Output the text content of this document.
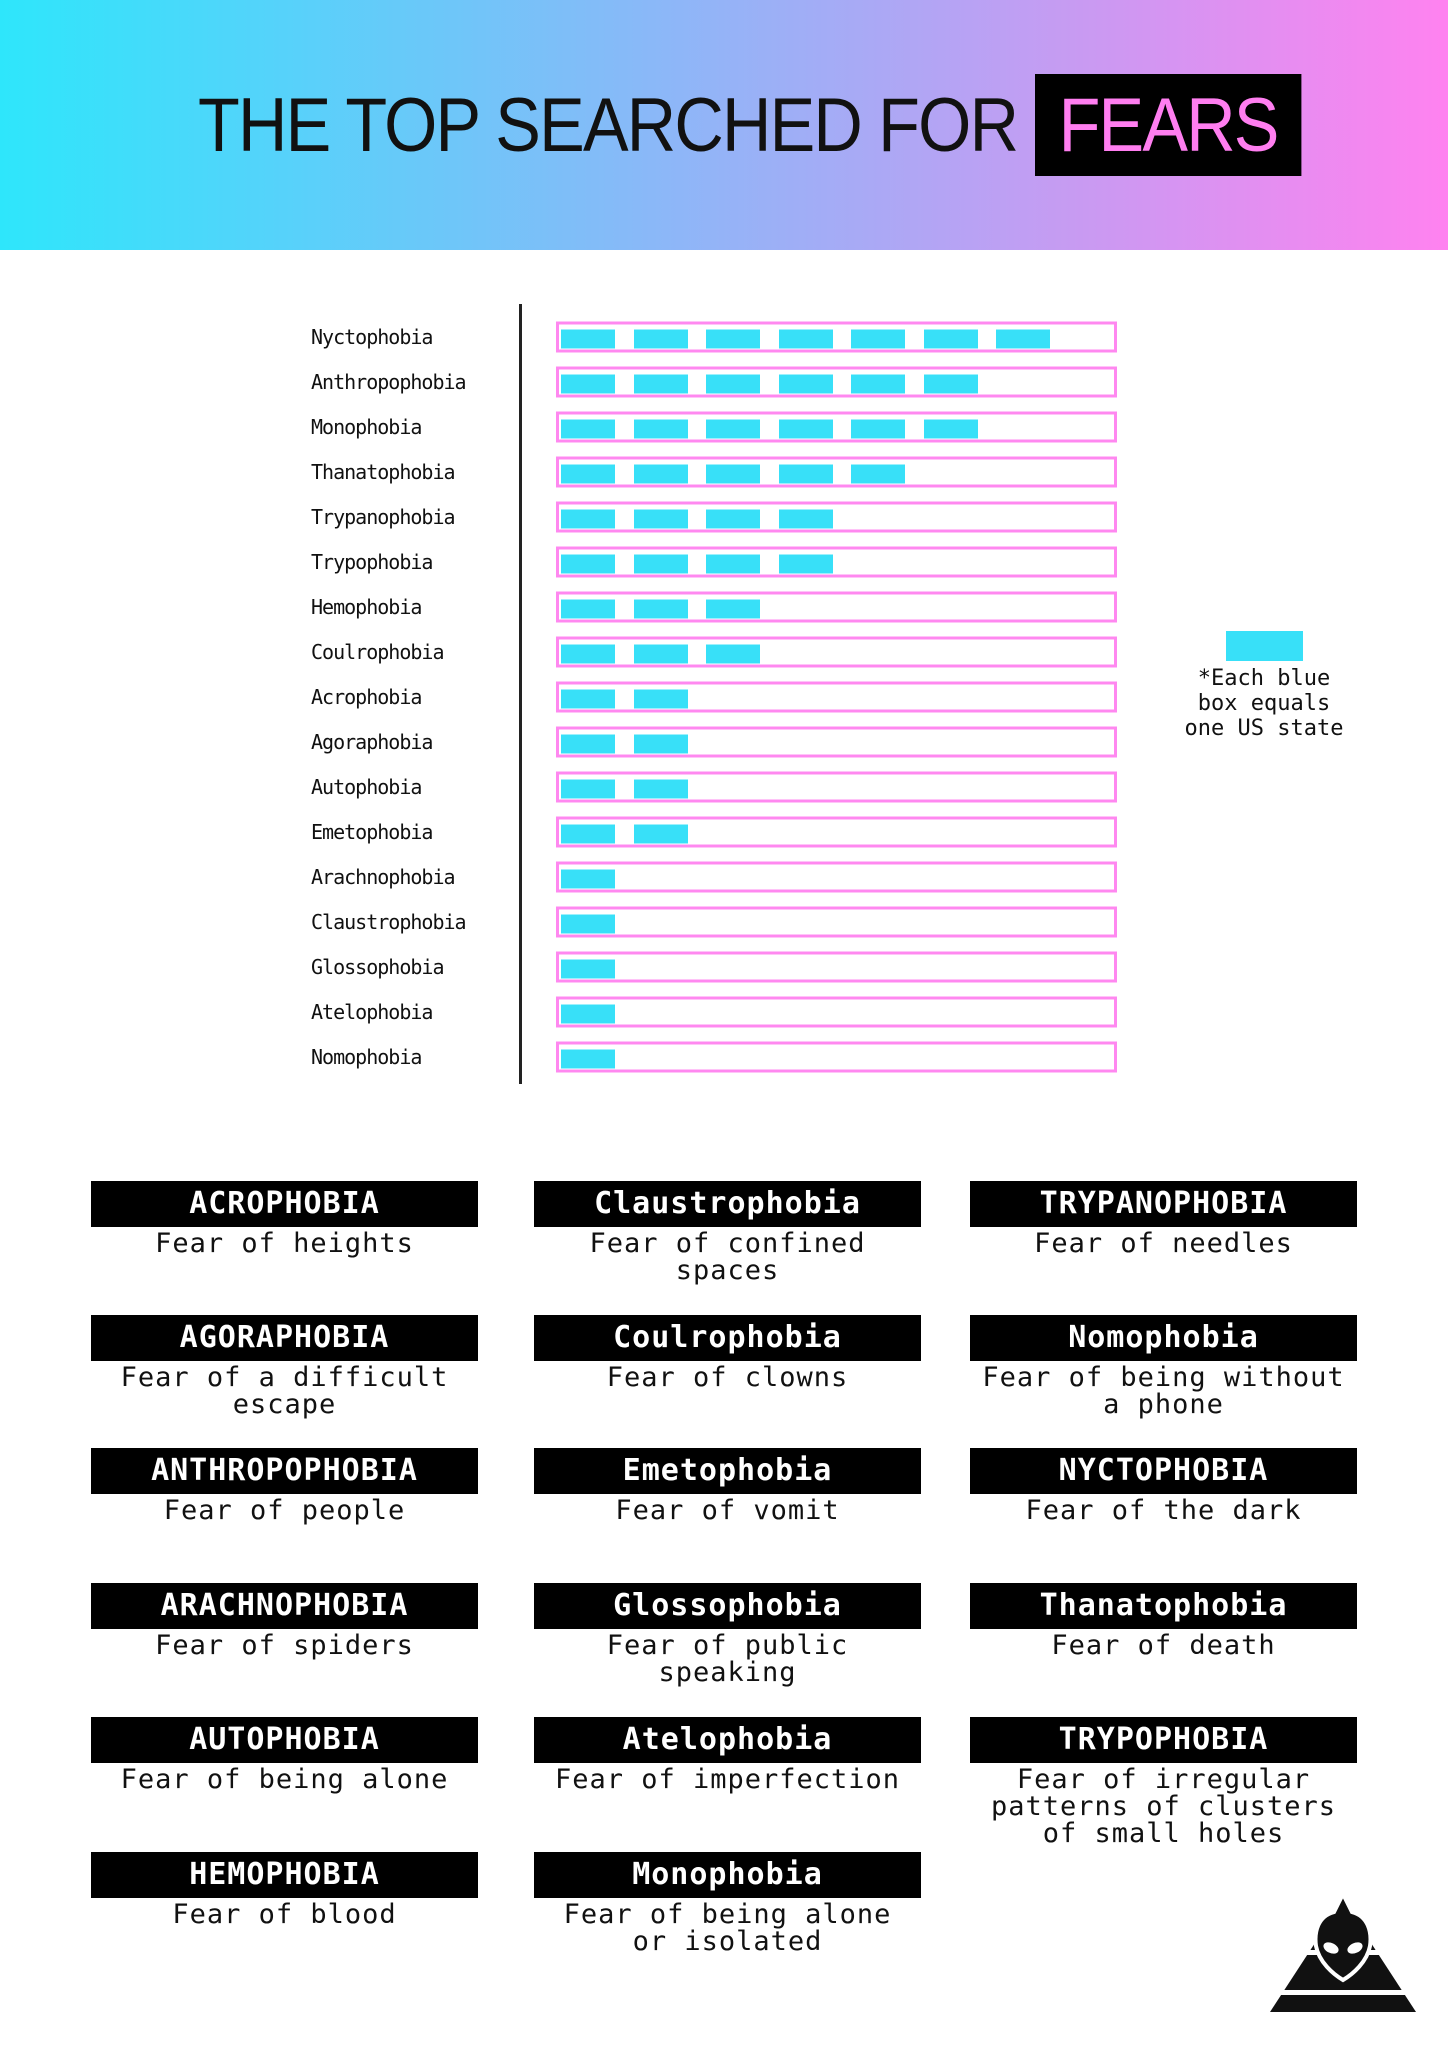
THE TOP SEARCHED FOR FEARS
Nyctophobia
Anthropophobia
Monophobia
Thanatophobia
Trypanophobia
Trypophobia
Hemophobia
Coulrophobia
Acrophobia
Agoraphobia
Autophobia
Emetophobia
Arachnophobia
Claustrophobia
Glossophobia
Atelophobia
Nomophobia
*Each blue
box equals
one US state
ACROPHOBIA
Fear of heights
Claustrophobia
Fear of confined spaces
TRYPANOPHOBIA
Fear of needles
AGORAPHOBIA
Fear of a difficult escape
Coulrophobia
Fear of clowns
Nomophobia
Fear of being without a phone
ANTHROPOPHOBIA
Fear of people
Emetophobia
Fear of vomit
NYCTOPHOBIA
Fear of the dark
ARACHNOPHOBIA
Fear of spiders
Glossophobia
Fear of public speaking
Thanatophobia
Fear of death
AUTOPHOBIA
Fear of being alone
Atelophobia
Fear of imperfection
TRYPOPHOBIA
Fear of irregular patterns of clusters of small holes
HEMOPHOBIA
Fear of blood
Monophobia
Fear of being alone or isolated
